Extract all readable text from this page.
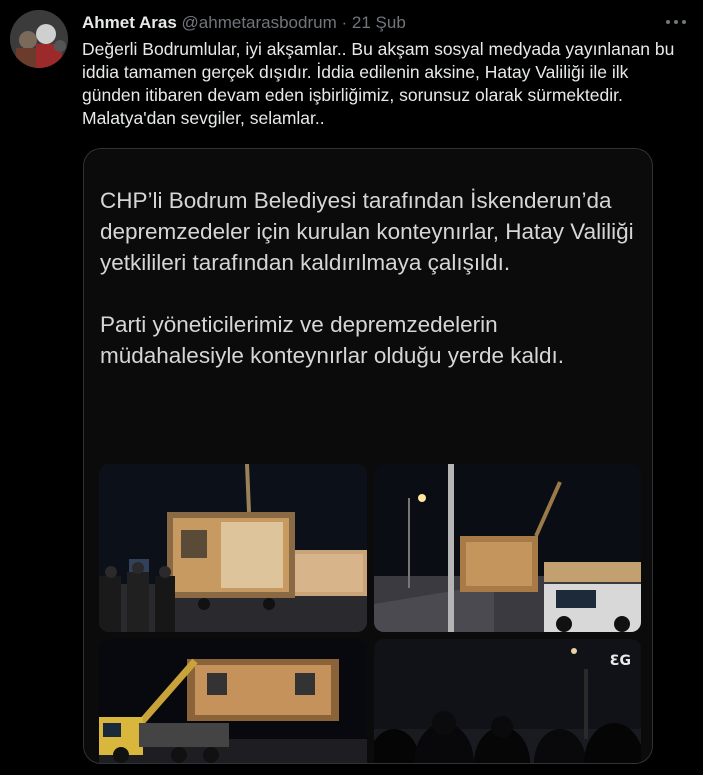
Ahmet Aras @ahmetarasbodrum · 21 Şub

Değerli Bodrumlular, iyi akşamlar.. Bu akşam sosyal medyada yayınlanan bu iddia tamamen gerçek dışıdır. İddia edilenin aksine, Hatay Valiliği ile ilk günden itibaren devam eden işbirliğimiz, sorunsuz olarak sürmektedir. Malatya'dan sevgiler, selamlar..

CHP’li Bodrum Belediyesi tarafından İskenderun’da depremzedeler için kurulan konteynırlar, Hatay Valiliği yetkilileri tarafından kaldırılmaya çalışıldı.

Parti yöneticilerimiz ve depremzedelerin müdahalesiyle konteynırlar olduğu yerde kaldı.

ƐG
